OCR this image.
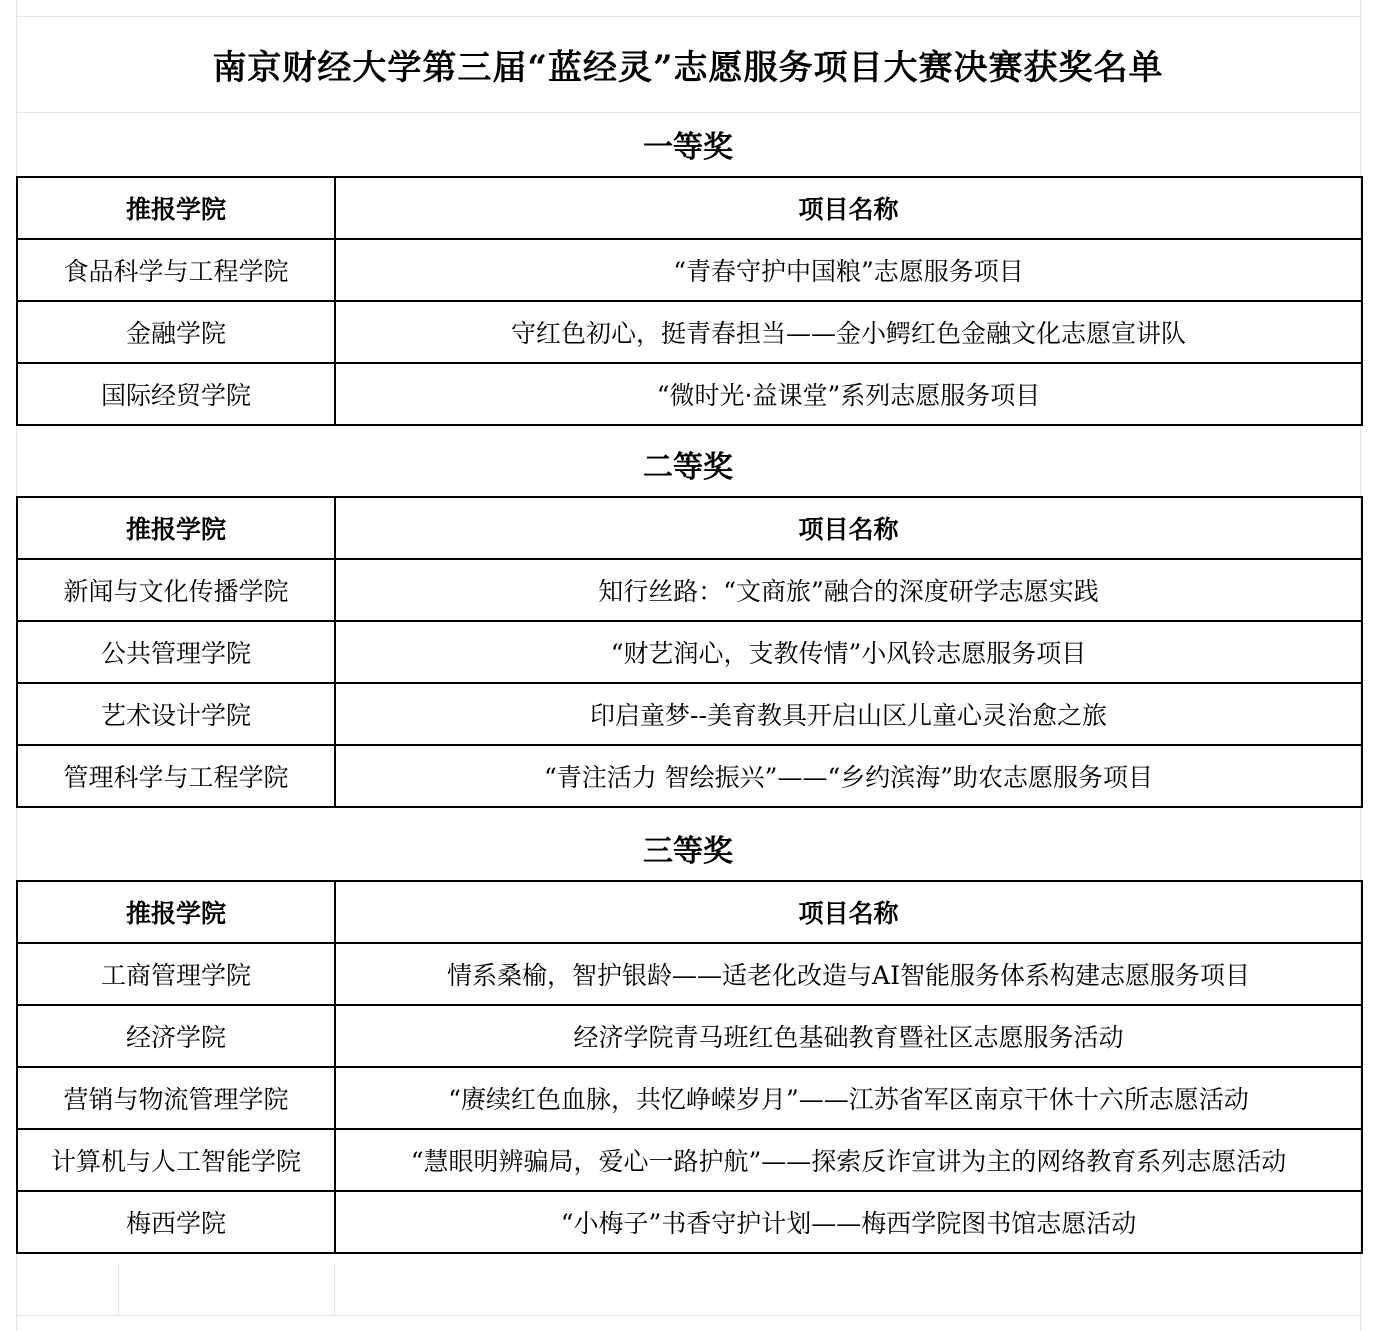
南京财经大学第三届“蓝经灵”志愿服务项目大赛决赛获奖名单
一等奖
推报学院	项目名称
食品科学与工程学院	“青春守护中国粮”志愿服务项目
金融学院	守红色初心，挺青春担当——金小鳄红色金融文化志愿宣讲队
国际经贸学院	“微时光·益课堂”系列志愿服务项目
二等奖
推报学院	项目名称
新闻与文化传播学院	知行丝路：“文商旅”融合的深度研学志愿实践
公共管理学院	“财艺润心，支教传情”小风铃志愿服务项目
艺术设计学院	印启童梦--美育教具开启山区儿童心灵治愈之旅
管理科学与工程学院	“青注活力 智绘振兴”——“乡约滨海”助农志愿服务项目
三等奖
推报学院	项目名称
工商管理学院	情系桑榆，智护银龄——适老化改造与AI智能服务体系构建志愿服务项目
经济学院	经济学院青马班红色基础教育暨社区志愿服务活动
营销与物流管理学院	“赓续红色血脉，共忆峥嵘岁月”——江苏省军区南京干休十六所志愿活动
计算机与人工智能学院	“慧眼明辨骗局，爱心一路护航”——探索反诈宣讲为主的网络教育系列志愿活动
梅西学院	“小梅子”书香守护计划——梅西学院图书馆志愿活动
